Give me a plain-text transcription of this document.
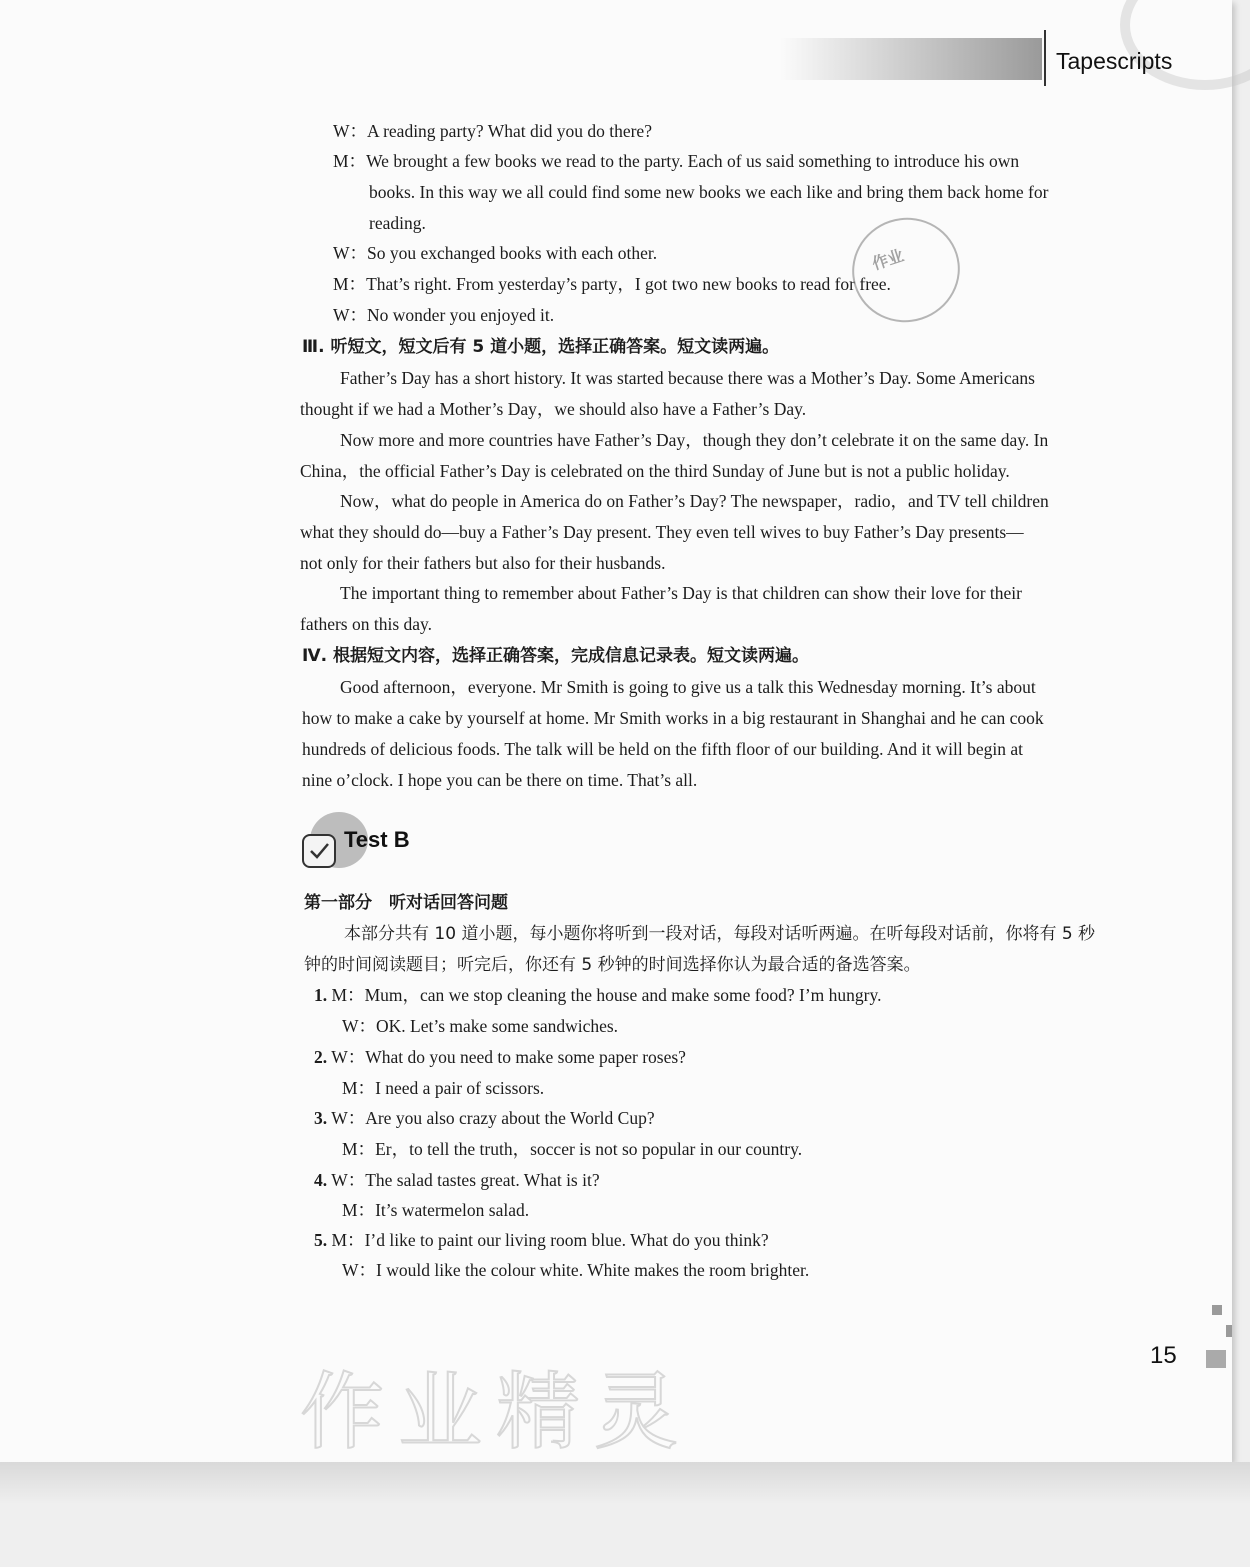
Tapescripts
W：A reading party? What did you do there?
M：We brought a few books we read to the party. Each of us said something to introduce his own
books. In this way we all could find some new books we each like and bring them back home for
reading.
W：So you exchanged books with each other.
M：That’s right. From yesterday’s party，I got two new books to read for free.
W：No wonder you enjoyed it.
Ⅲ. 听短文，短文后有 5 道小题，选择正确答案。短文读两遍。
Father’s Day has a short history. It was started because there was a Mother’s Day. Some Americans
thought if we had a Mother’s Day，we should also have a Father’s Day.
Now more and more countries have Father’s Day，though they don’t celebrate it on the same day. In
China，the official Father’s Day is celebrated on the third Sunday of June but is not a public holiday.
Now，what do people in America do on Father’s Day? The newspaper，radio，and TV tell children
what they should do—buy a Father’s Day present. They even tell wives to buy Father’s Day presents—
not only for their fathers but also for their husbands.
The important thing to remember about Father’s Day is that children can show their love for their
fathers on this day.
Ⅳ. 根据短文内容，选择正确答案，完成信息记录表。短文读两遍。
Good afternoon，everyone. Mr Smith is going to give us a talk this Wednesday morning. It’s about
how to make a cake by yourself at home. Mr Smith works in a big restaurant in Shanghai and he can cook
hundreds of delicious foods. The talk will be held on the fifth floor of our building. And it will begin at
nine o’clock. I hope you can be there on time. That’s all.
Test B
第一部分　听对话回答问题
本部分共有 10 道小题，每小题你将听到一段对话，每段对话听两遍。在听每段对话前，你将有 5 秒
钟的时间阅读题目；听完后，你还有 5 秒钟的时间选择你认为最合适的备选答案。
1. M：Mum，can we stop cleaning the house and make some food? I’m hungry.
W：OK. Let’s make some sandwiches.
2. W：What do you need to make some paper roses?
M：I need a pair of scissors.
3. W：Are you also crazy about the World Cup?
M：Er，to tell the truth，soccer is not so popular in our country.
4. W：The salad tastes great. What is it?
M：It’s watermelon salad.
5. M：I’d like to paint our living room blue. What do you think?
W：I would like the colour white. White makes the room brighter.
作业
作业精灵
15
